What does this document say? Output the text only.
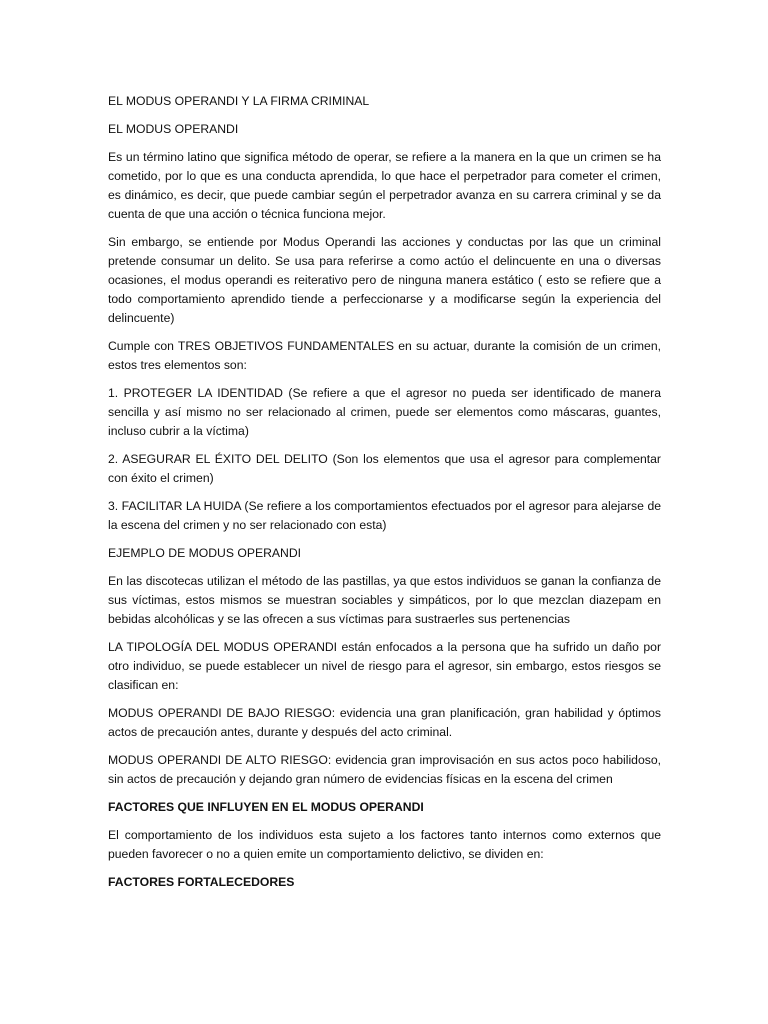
EL MODUS OPERANDI Y LA FIRMA CRIMINAL

EL MODUS OPERANDI

Es un término latino que significa método de operar, se refiere a la manera en la que un crimen se ha cometido, por lo que es una conducta aprendida, lo que hace el perpetrador para cometer el crimen, es dinámico, es decir, que puede cambiar según el perpetrador avanza en su carrera criminal y se da cuenta de que una acción o técnica funciona mejor.

Sin embargo, se entiende por Modus Operandi las acciones y conductas por las que un criminal pretende consumar un delito. Se usa para referirse a como actúo el delincuente en una o diversas ocasiones, el modus operandi es reiterativo pero de ninguna manera estático ( esto se refiere que a todo comportamiento aprendido tiende a perfeccionarse y a modificarse según la experiencia del delincuente)

Cumple con TRES OBJETIVOS FUNDAMENTALES en su actuar, durante la comisión de un crimen, estos tres elementos son:

1. PROTEGER LA IDENTIDAD (Se refiere a que el agresor no pueda ser identificado de manera sencilla y así mismo no ser relacionado al crimen, puede ser elementos como máscaras, guantes, incluso cubrir a la víctima)

2. ASEGURAR EL ÉXITO DEL DELITO (Son los elementos que usa el agresor para complementar con éxito el crimen)

3. FACILITAR LA HUIDA (Se refiere a los comportamientos efectuados por el agresor para alejarse de la escena del crimen y no ser relacionado con esta)

EJEMPLO DE MODUS OPERANDI

En las discotecas utilizan el método de las pastillas, ya que estos individuos se ganan la confianza de sus víctimas, estos mismos se muestran sociables y simpáticos, por lo que mezclan diazepam en bebidas alcohólicas y se las ofrecen a sus víctimas para sustraerles sus pertenencias

LA TIPOLOGÍA DEL MODUS OPERANDI están enfocados a la persona que ha sufrido un daño por otro individuo, se puede establecer un nivel de riesgo para el agresor, sin embargo, estos riesgos se clasifican en:

MODUS OPERANDI DE BAJO RIESGO: evidencia una gran planificación, gran habilidad y óptimos actos de precaución antes, durante y después del acto criminal.

MODUS OPERANDI DE ALTO RIESGO: evidencia gran improvisación en sus actos poco habilidoso, sin actos de precaución y dejando gran número de evidencias físicas en la escena del crimen

FACTORES QUE INFLUYEN EN EL MODUS OPERANDI

El comportamiento de los individuos esta sujeto a los factores tanto internos como externos que pueden favorecer o no a quien emite un comportamiento delictivo, se dividen en:

FACTORES FORTALECEDORES
